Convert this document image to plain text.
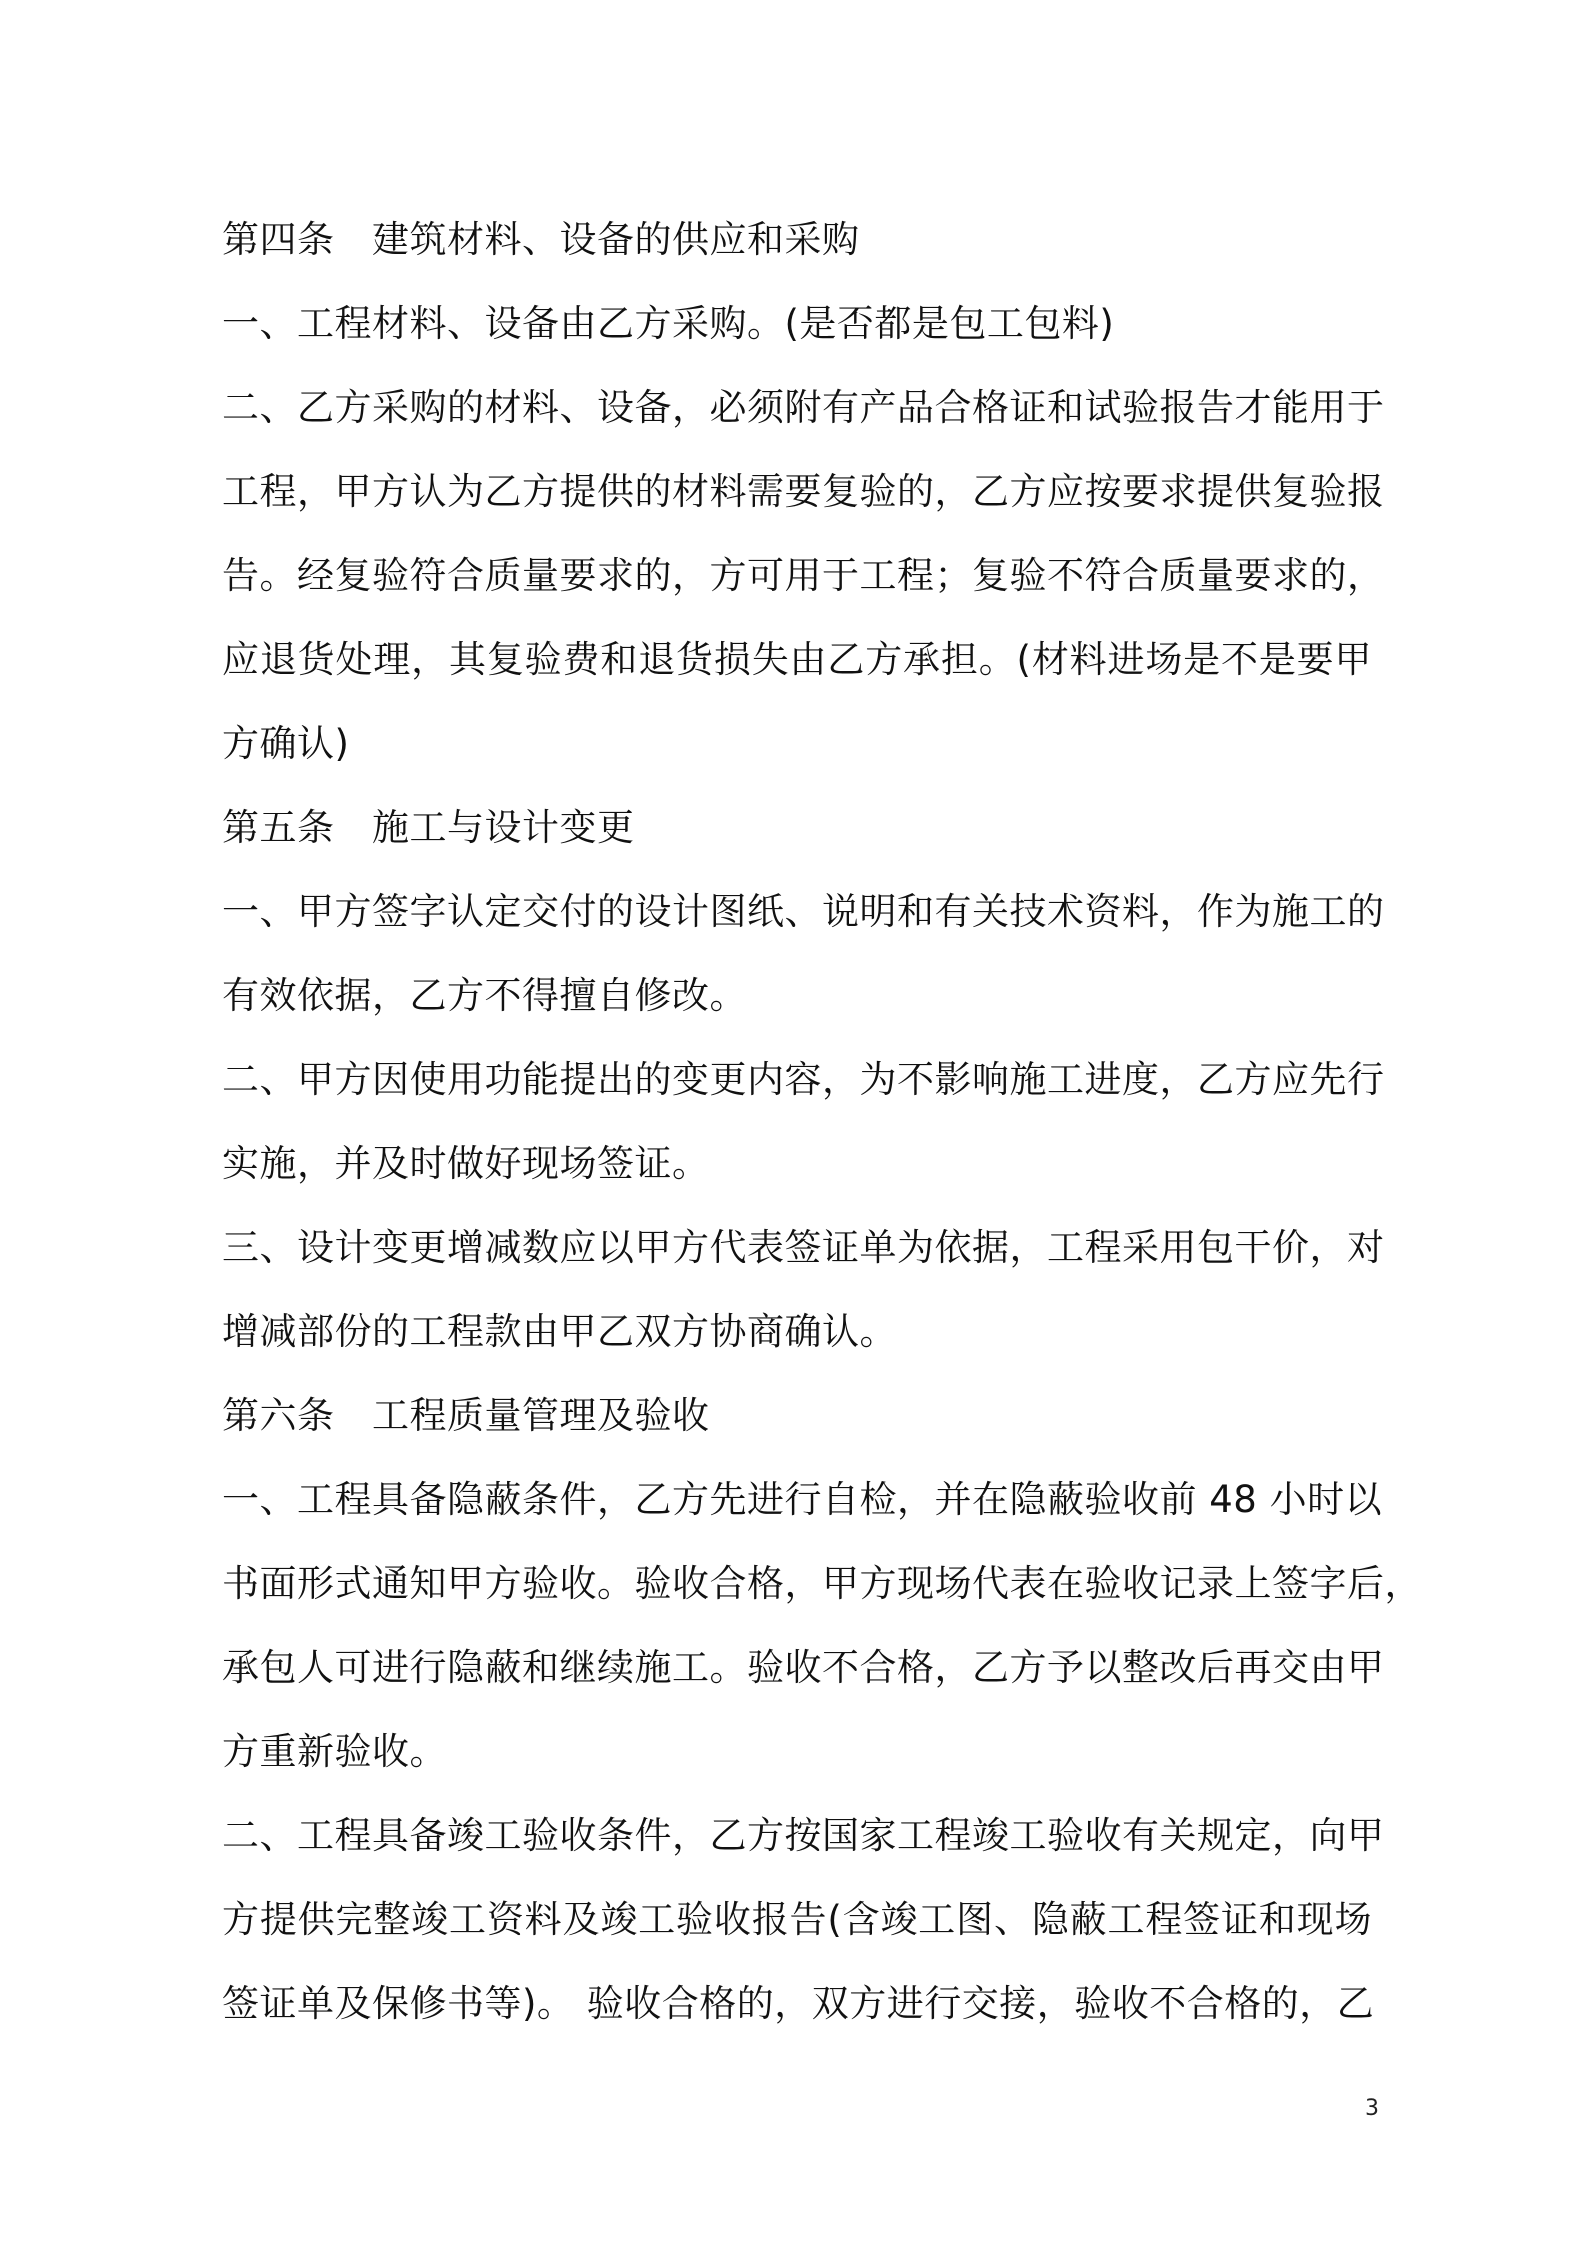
第四条　建筑材料、设备的供应和采购
一、工程材料、设备由乙方采购。(是否都是包工包料)
二、乙方采购的材料、设备，必须附有产品合格证和试验报告才能用于
工程，甲方认为乙方提供的材料需要复验的，乙方应按要求提供复验报
告。经复验符合质量要求的，方可用于工程；复验不符合质量要求的，
应退货处理，其复验费和退货损失由乙方承担。(材料进场是不是要甲
方确认)
第五条　施工与设计变更
一、甲方签字认定交付的设计图纸、说明和有关技术资料，作为施工的
有效依据，乙方不得擅自修改。
二、甲方因使用功能提出的变更内容，为不影响施工进度，乙方应先行
实施，并及时做好现场签证。
三、设计变更增减数应以甲方代表签证单为依据，工程采用包干价，对
增减部份的工程款由甲乙双方协商确认。
第六条　工程质量管理及验收
一、工程具备隐蔽条件，乙方先进行自检，并在隐蔽验收前 48 小时以
书面形式通知甲方验收。验收合格，甲方现场代表在验收记录上签字后，
承包人可进行隐蔽和继续施工。验收不合格，乙方予以整改后再交由甲
方重新验收。
二、工程具备竣工验收条件，乙方按国家工程竣工验收有关规定，向甲
方提供完整竣工资料及竣工验收报告(含竣工图、隐蔽工程签证和现场
签证单及保修书等)。 验收合格的，双方进行交接，验收不合格的，乙
3
